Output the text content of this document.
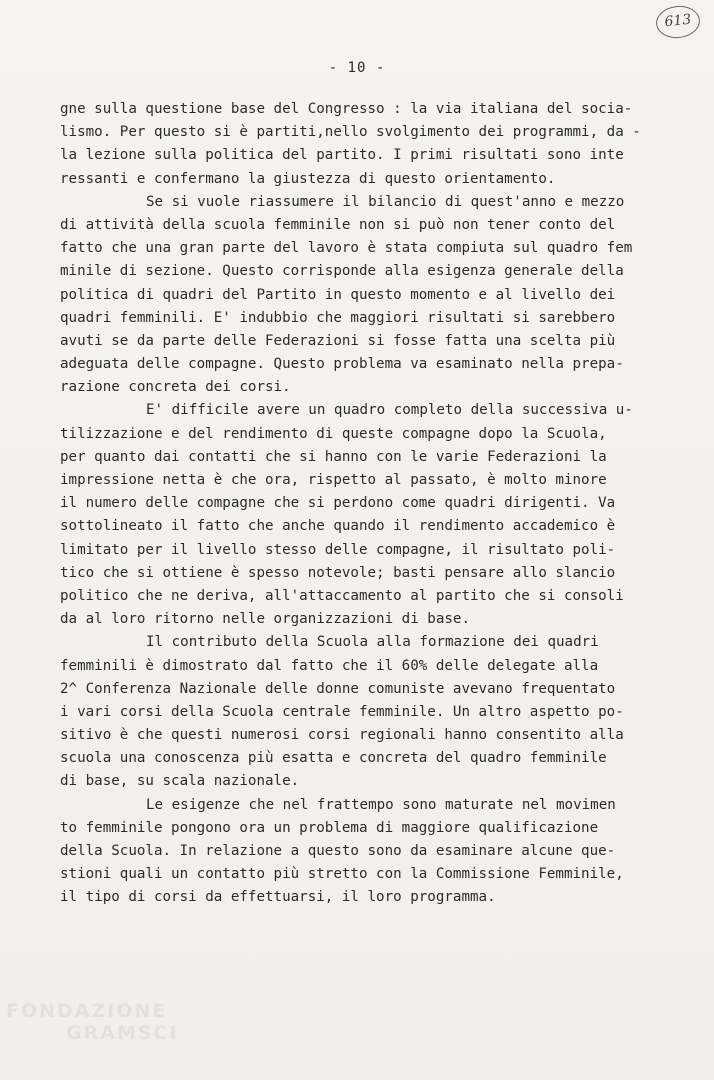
613
- 10 -
gne sulla questione base del Congresso : la via italiana del socia-
lismo. Per questo si è partiti,nello svolgimento dei programmi, da -
la lezione sulla politica del partito. I primi risultati sono inte
ressanti e confermano la giustezza di questo orientamento.
Se si vuole riassumere il bilancio di quest'anno e mezzo
di attività della scuola femminile non si può non tener conto del
fatto che una gran parte del lavoro è stata compiuta sul quadro fem
minile di sezione. Questo corrisponde alla esigenza generale della
politica di quadri del Partito in questo momento e al livello dei
quadri femminili. E' indubbio che maggiori risultati si sarebbero
avuti se da parte delle Federazioni si fosse fatta una scelta più
adeguata delle compagne. Questo problema va esaminato nella prepa-
razione concreta dei corsi.
E' difficile avere un quadro completo della successiva u-
tilizzazione e del rendimento di queste compagne dopo la Scuola,
per quanto dai contatti che si hanno con le varie Federazioni la
impressione netta è che ora, rispetto al passato, è molto minore
il numero delle compagne che si perdono come quadri dirigenti. Va
sottolineato il fatto che anche quando il rendimento accademico è
limitato per il livello stesso delle compagne, il risultato poli-
tico che si ottiene è spesso notevole; basti pensare allo slancio
politico che ne deriva, all'attaccamento al partito che si consoli
da al loro ritorno nelle organizzazioni di base.
Il contributo della Scuola alla formazione dei quadri
femminili è dimostrato dal fatto che il 60% delle delegate alla
2^ Conferenza Nazionale delle donne comuniste avevano frequentato
i vari corsi della Scuola centrale femminile. Un altro aspetto po-
sitivo è che questi numerosi corsi regionali hanno consentito alla
scuola una conoscenza più esatta e concreta del quadro femminile
di base, su scala nazionale.
Le esigenze che nel frattempo sono maturate nel movimen
to femminile pongono ora un problema di maggiore qualificazione
della Scuola. In relazione a questo sono da esaminare alcune que-
stioni quali un contatto più stretto con la Commissione Femminile,
il tipo di corsi da effettuarsi, il loro programma.
FONDAZIONE
GRAMSCI
